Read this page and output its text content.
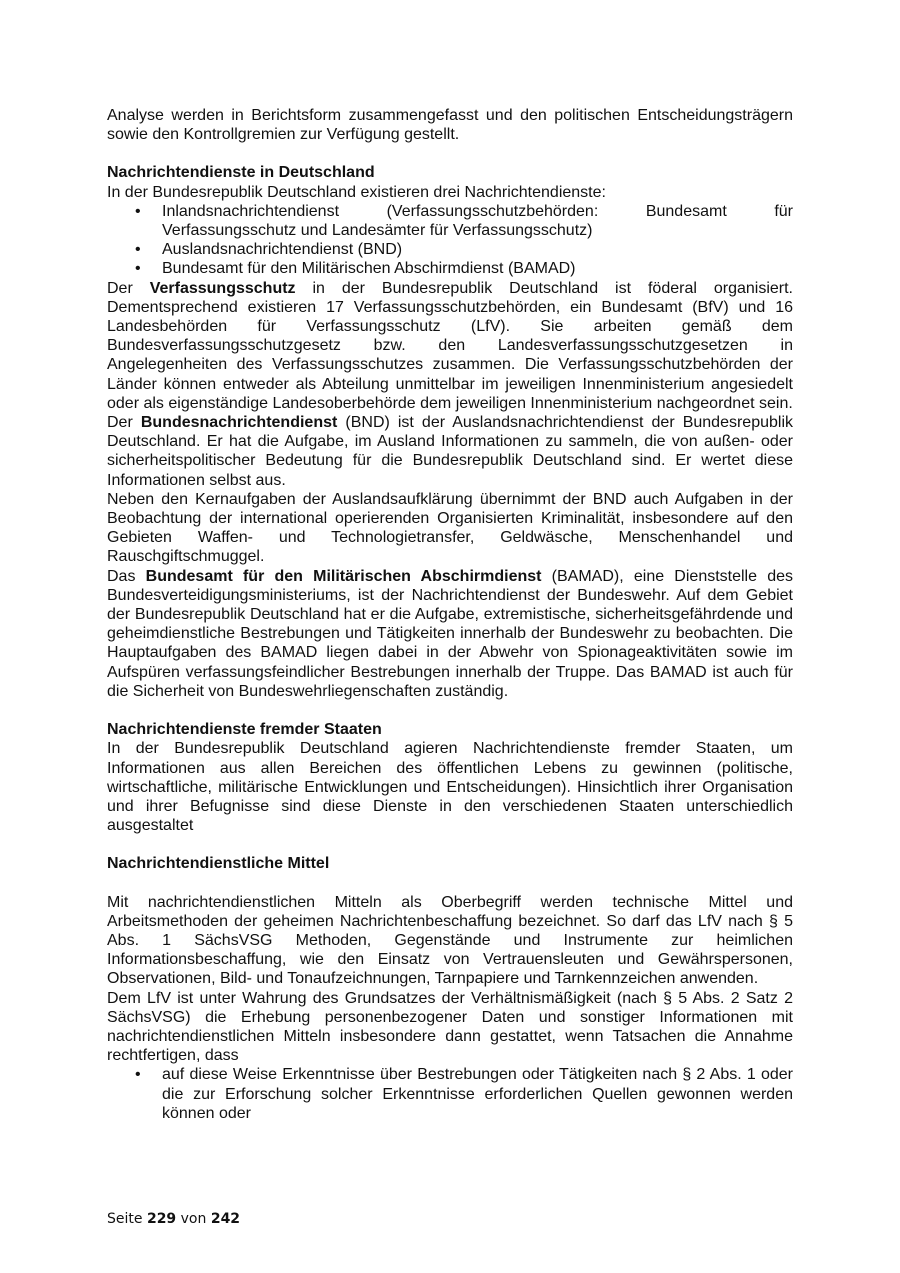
Analyse werden in Berichtsform zusammengefasst und den politischen Entscheidungsträgern sowie den Kontrollgremien zur Verfügung gestellt.

Nachrichtendienste in Deutschland

In der Bundesrepublik Deutschland existieren drei Nachrichtendienste:

• Inlandsnachrichtendienst (Verfassungsschutzbehörden: Bundesamt für Verfassungsschutz und Landesämter für Verfassungsschutz)
• Auslandsnachrichtendienst (BND)
• Bundesamt für den Militärischen Abschirmdienst (BAMAD)

Der Verfassungsschutz in der Bundesrepublik Deutschland ist föderal organisiert. Dementsprechend existieren 17 Verfassungsschutzbehörden, ein Bundesamt (BfV) und 16 Landesbehörden für Verfassungsschutz (LfV). Sie arbeiten gemäß dem Bundesverfassungsschutzgesetz bzw. den Landesverfassungsschutzgesetzen in Angelegenheiten des Verfassungsschutzes zusammen. Die Verfassungsschutzbehörden der Länder können entweder als Abteilung unmittelbar im jeweiligen Innenministerium angesiedelt oder als eigenständige Landesoberbehörde dem jeweiligen Innenministerium nachgeordnet sein.

Der Bundesnachrichtendienst (BND) ist der Auslandsnachrichtendienst der Bundesrepublik Deutschland. Er hat die Aufgabe, im Ausland Informationen zu sammeln, die von außen- oder sicherheitspolitischer Bedeutung für die Bundesrepublik Deutschland sind. Er wertet diese Informationen selbst aus.

Neben den Kernaufgaben der Auslandsaufklärung übernimmt der BND auch Aufgaben in der Beobachtung der international operierenden Organisierten Kriminalität, insbesondere auf den Gebieten Waffen- und Technologietransfer, Geldwäsche, Menschenhandel und Rauschgiftschmuggel.

Das Bundesamt für den Militärischen Abschirmdienst (BAMAD), eine Dienststelle des Bundesverteidigungsministeriums, ist der Nachrichtendienst der Bundeswehr. Auf dem Gebiet der Bundesrepublik Deutschland hat er die Aufgabe, extremistische, sicherheitsgefährdende und geheimdienstliche Bestrebungen und Tätigkeiten innerhalb der Bundeswehr zu beobachten. Die Hauptaufgaben des BAMAD liegen dabei in der Abwehr von Spionageaktivitäten sowie im Aufspüren verfassungsfeindlicher Bestrebungen innerhalb der Truppe. Das BAMAD ist auch für die Sicherheit von Bundeswehrliegenschaften zuständig.

Nachrichtendienste fremder Staaten

In der Bundesrepublik Deutschland agieren Nachrichtendienste fremder Staaten, um Informationen aus allen Bereichen des öffentlichen Lebens zu gewinnen (politische, wirtschaftliche, militärische Entwicklungen und Entscheidungen). Hinsichtlich ihrer Organisation und ihrer Befugnisse sind diese Dienste in den verschiedenen Staaten unterschiedlich ausgestaltet

Nachrichtendienstliche Mittel

Mit nachrichtendienstlichen Mitteln als Oberbegriff werden technische Mittel und Arbeitsmethoden der geheimen Nachrichtenbeschaffung bezeichnet. So darf das LfV nach § 5 Abs. 1 SächsVSG Methoden, Gegenstände und Instrumente zur heimlichen Informationsbeschaffung, wie den Einsatz von Vertrauensleuten und Gewährspersonen, Observationen, Bild- und Tonaufzeichnungen, Tarnpapiere und Tarnkennzeichen anwenden.

Dem LfV ist unter Wahrung des Grundsatzes der Verhältnismäßigkeit (nach § 5 Abs. 2 Satz 2 SächsVSG) die Erhebung personenbezogener Daten und sonstiger Informationen mit nachrichtendienstlichen Mitteln insbesondere dann gestattet, wenn Tatsachen die Annahme rechtfertigen, dass

• auf diese Weise Erkenntnisse über Bestrebungen oder Tätigkeiten nach § 2 Abs. 1 oder die zur Erforschung solcher Erkenntnisse erforderlichen Quellen gewonnen werden können oder
Seite 229 von 242
